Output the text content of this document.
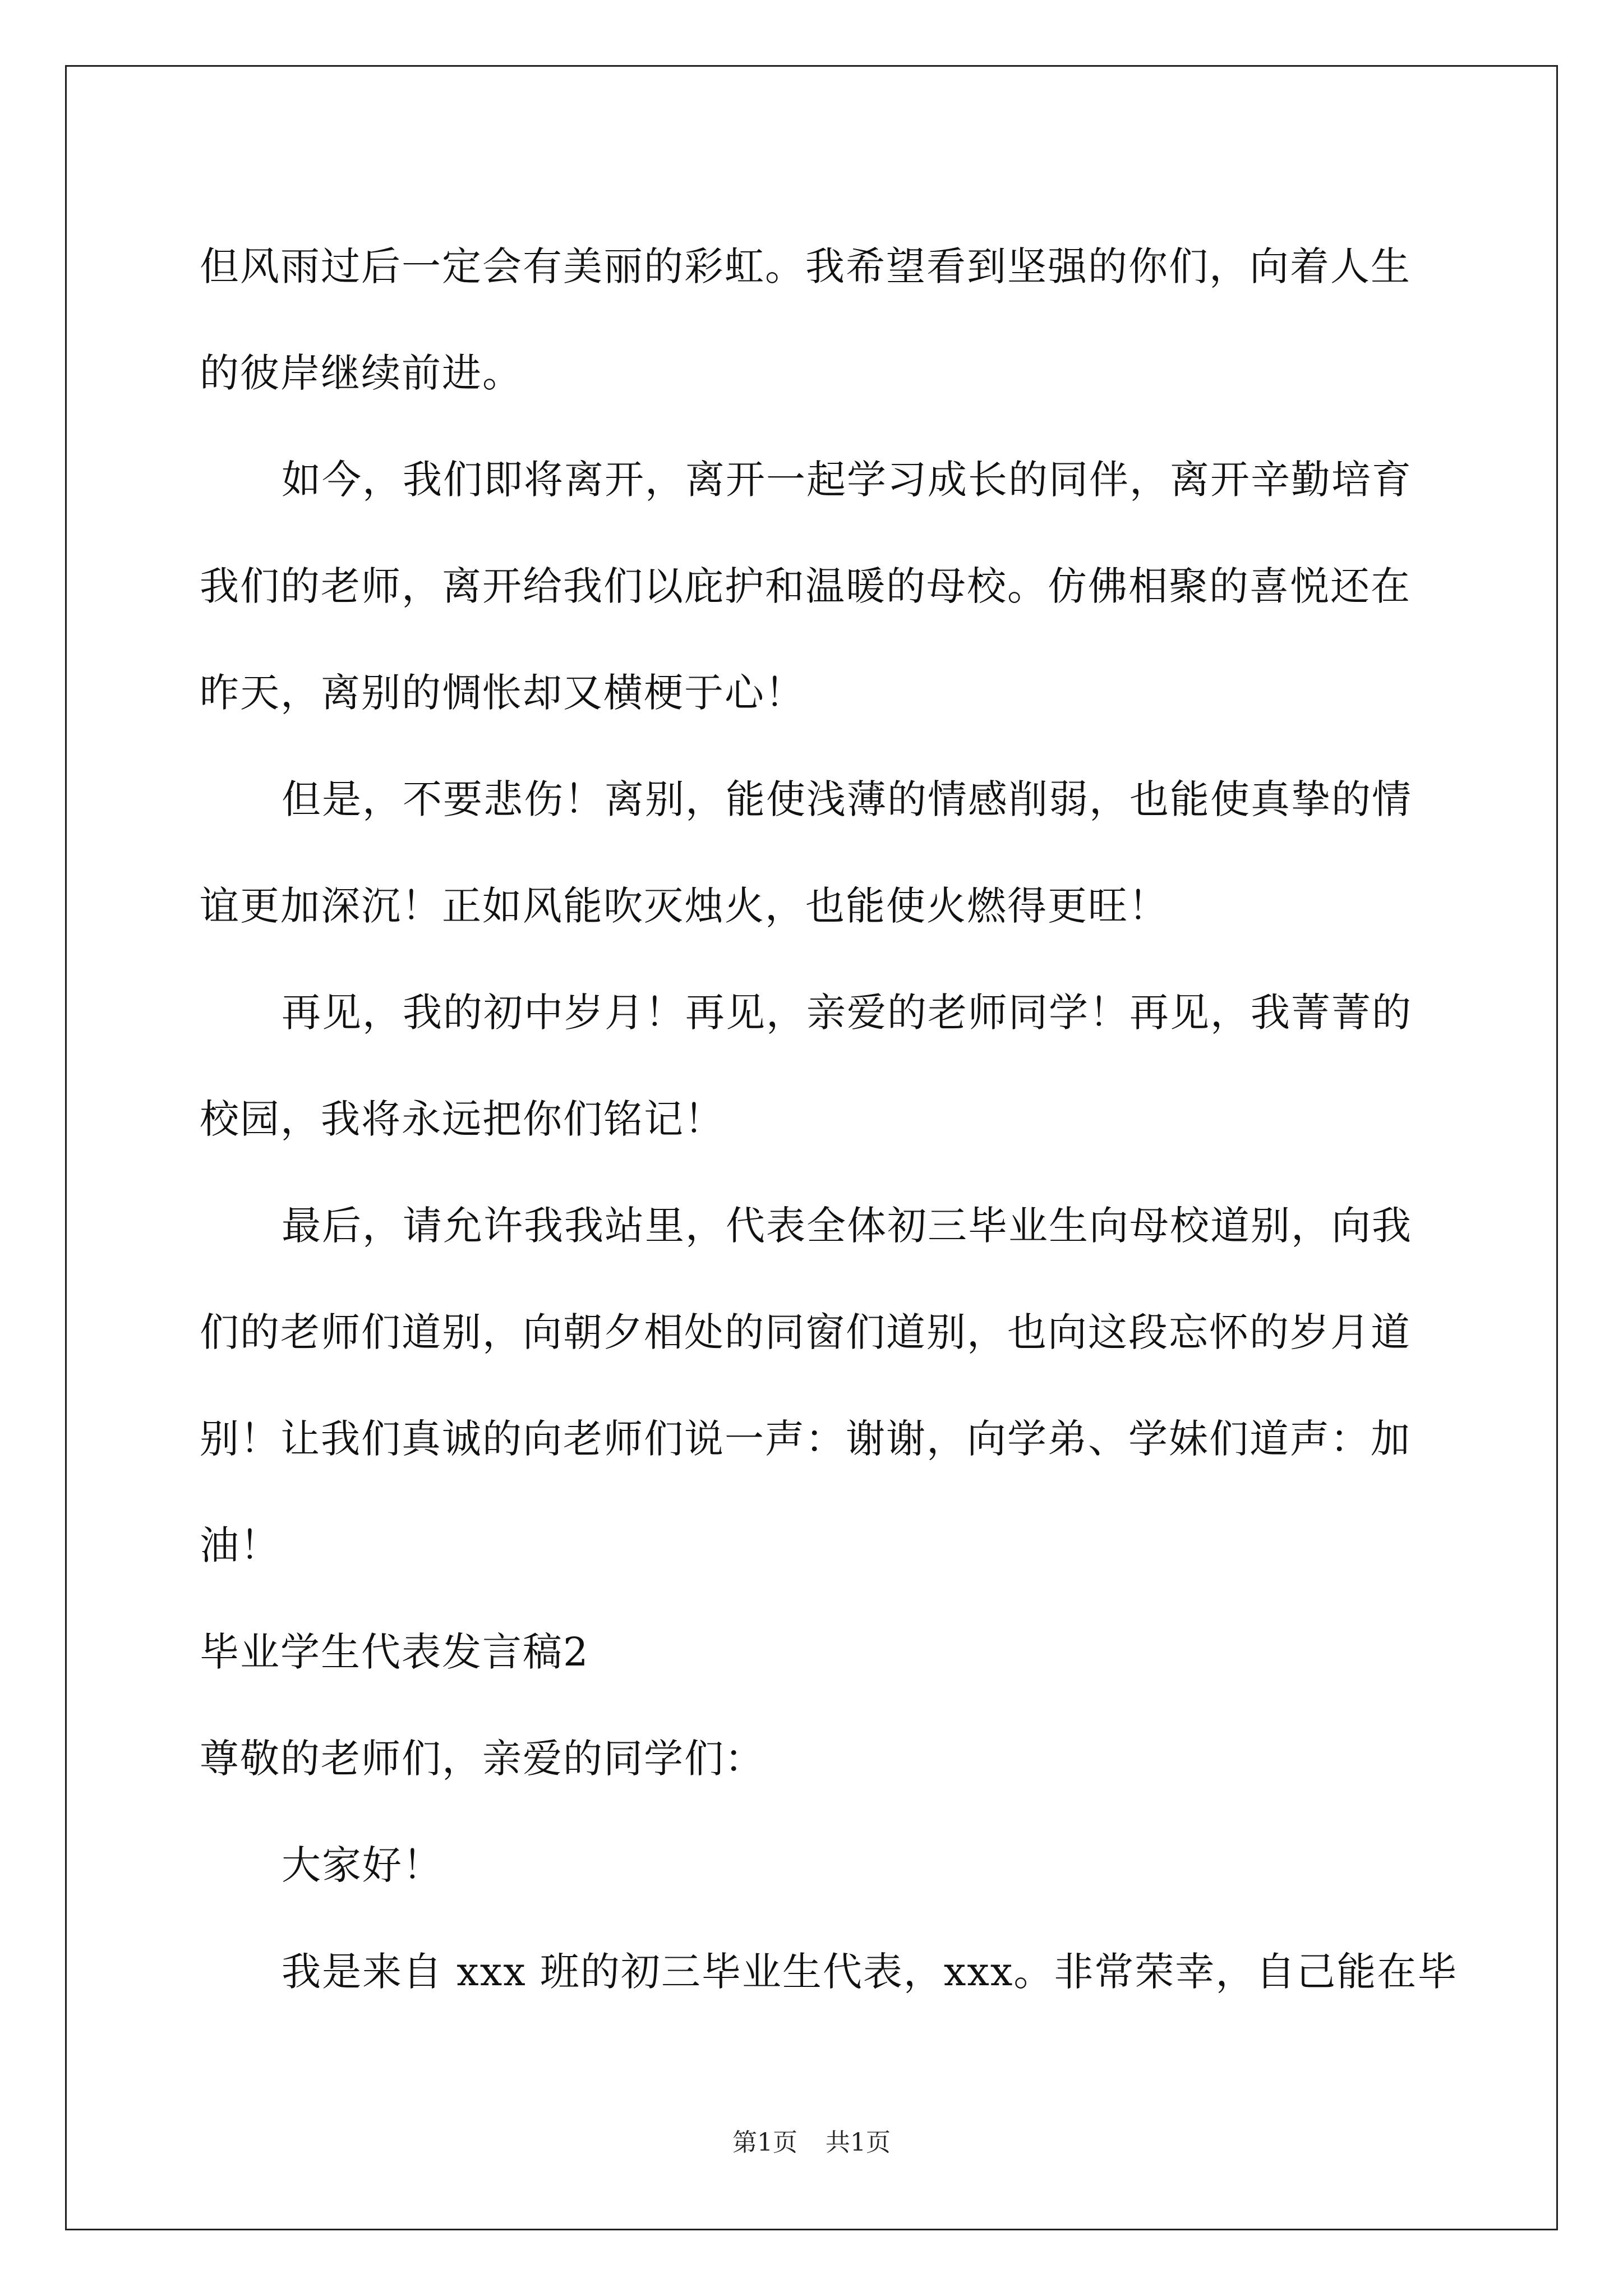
但风雨过后一定会有美丽的彩虹。我希望看到坚强的你们，向着人生
的彼岸继续前进。
如今，我们即将离开，离开一起学习成长的同伴，离开辛勤培育
我们的老师，离开给我们以庇护和温暖的母校。仿佛相聚的喜悦还在
昨天，离别的惆怅却又横梗于心！
但是，不要悲伤！离别，能使浅薄的情感削弱，也能使真挚的情
谊更加深沉！正如风能吹灭烛火，也能使火燃得更旺！
再见，我的初中岁月！再见，亲爱的老师同学！再见，我菁菁的
校园，我将永远把你们铭记！
最后，请允许我我站里，代表全体初三毕业生向母校道别，向我
们的老师们道别，向朝夕相处的同窗们道别，也向这段忘怀的岁月道
别！让我们真诚的向老师们说一声：谢谢，向学弟、学妹们道声：加
油！
毕业学生代表发言稿2
尊敬的老师们，亲爱的同学们：
大家好！
我是来自 xxx 班的初三毕业生代表，xxx。非常荣幸，自己能在毕
第1页 共1页
